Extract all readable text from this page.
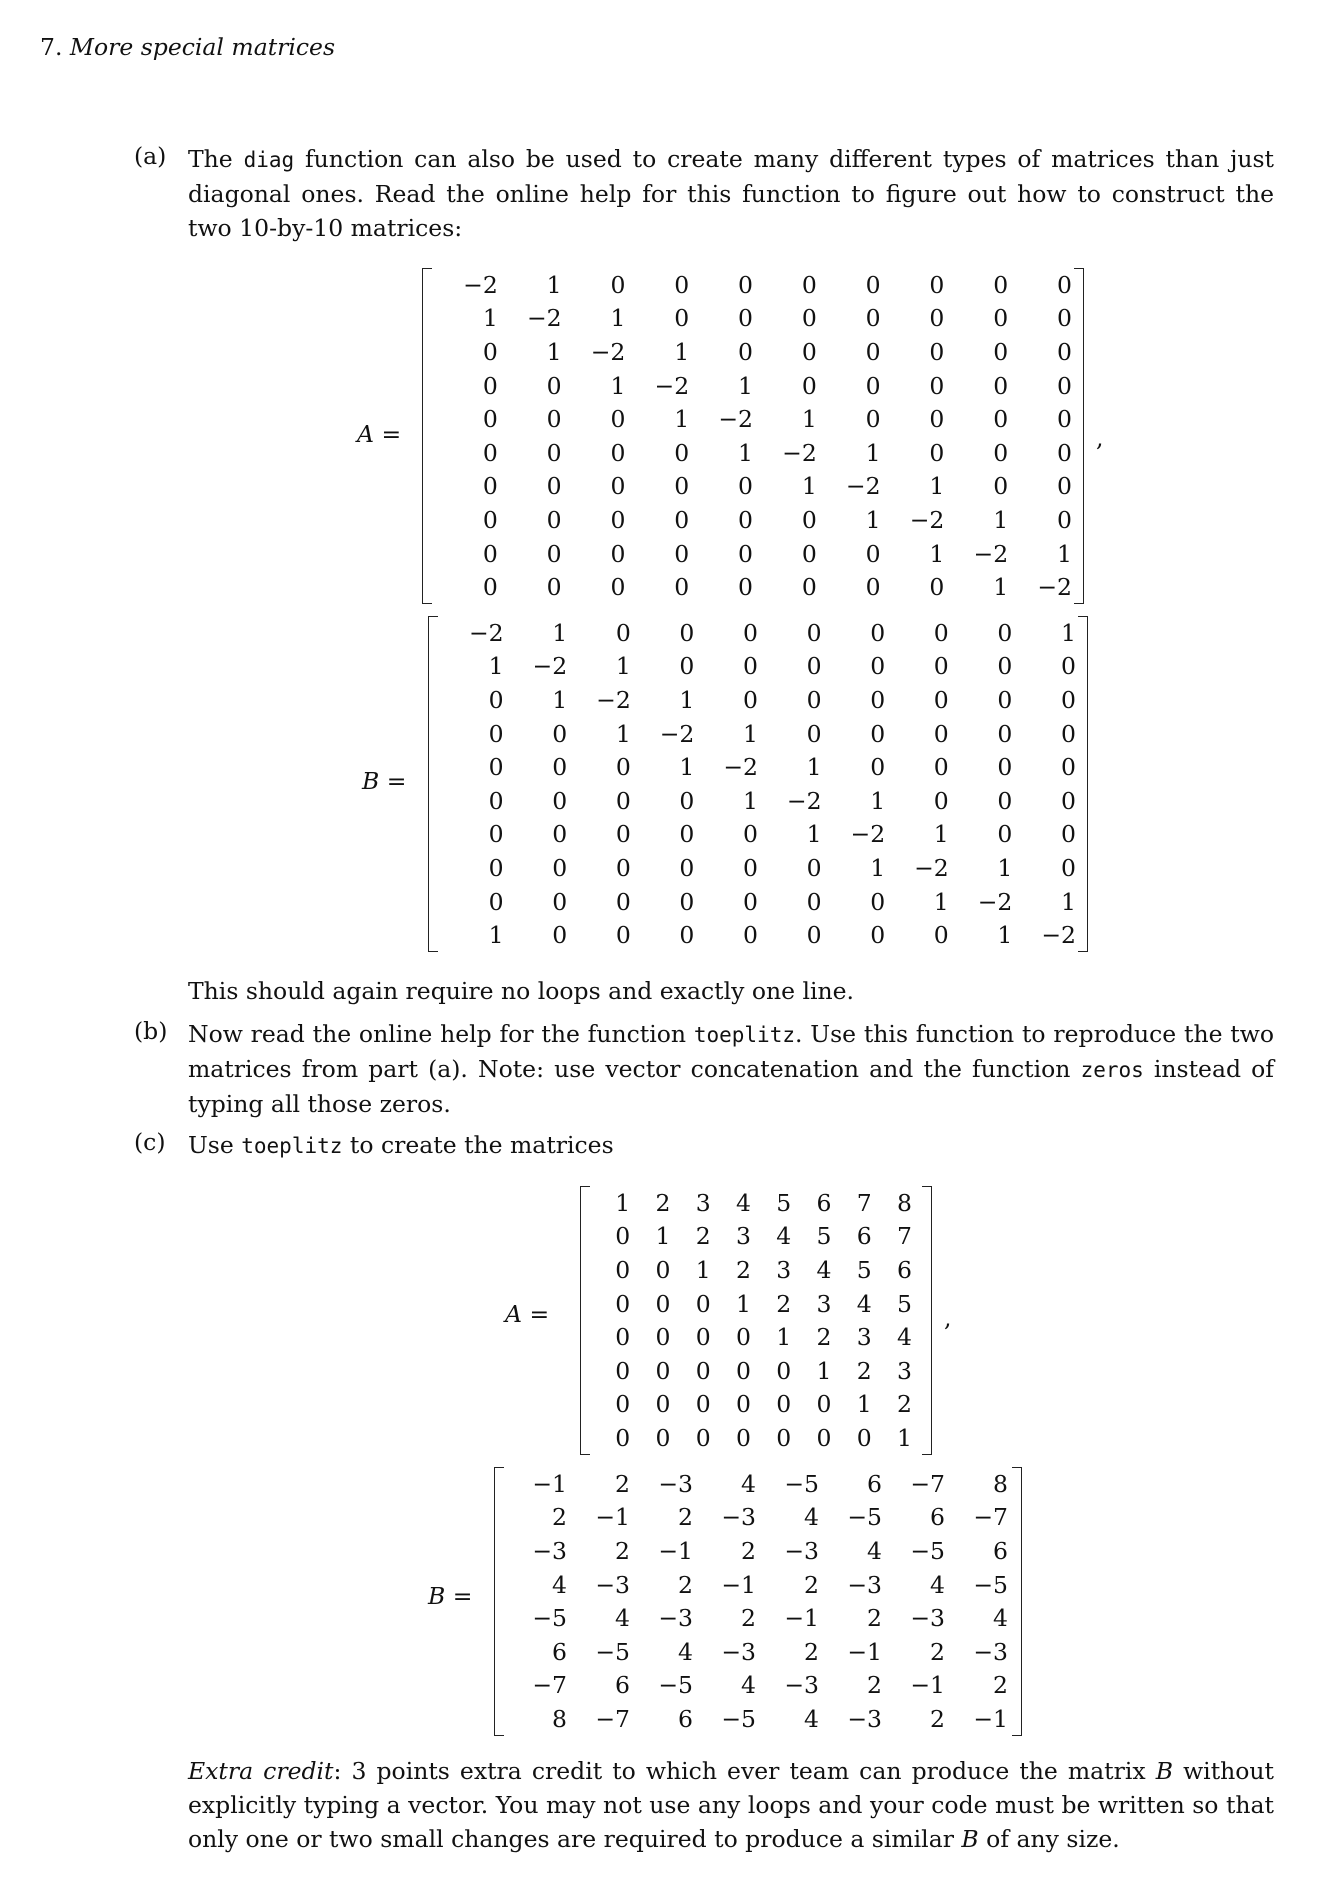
7. More special matrices
(a) The diag function can also be used to create many different types of matrices than just diagonal ones. Read the online help for this function to figure out how to construct the two 10-by-10 matrices:
A =
−2	1	0	0	0	0	0	0	0	0
1	−2	1	0	0	0	0	0	0	0
0	1	−2	1	0	0	0	0	0	0
0	0	1	−2	1	0	0	0	0	0
0	0	0	1	−2	1	0	0	0	0
0	0	0	0	1	−2	1	0	0	0
0	0	0	0	0	1	−2	1	0	0
0	0	0	0	0	0	1	−2	1	0
0	0	0	0	0	0	0	1	−2	1
0	0	0	0	0	0	0	0	1	−2
,
B =
−2	1	0	0	0	0	0	0	0	1
1	−2	1	0	0	0	0	0	0	0
0	1	−2	1	0	0	0	0	0	0
0	0	1	−2	1	0	0	0	0	0
0	0	0	1	−2	1	0	0	0	0
0	0	0	0	1	−2	1	0	0	0
0	0	0	0	0	1	−2	1	0	0
0	0	0	0	0	0	1	−2	1	0
0	0	0	0	0	0	0	1	−2	1
1	0	0	0	0	0	0	0	1	−2
This should again require no loops and exactly one line.
(b) Now read the online help for the function toeplitz. Use this function to reproduce the two matrices from part (a). Note: use vector concatenation and the function zeros instead of typing all those zeros.
(c) Use toeplitz to create the matrices
A =
1	2	3	4	5	6	7	8
0	1	2	3	4	5	6	7
0	0	1	2	3	4	5	6
0	0	0	1	2	3	4	5
0	0	0	0	1	2	3	4
0	0	0	0	0	1	2	3
0	0	0	0	0	0	1	2
0	0	0	0	0	0	0	1
,
B =
−1	2	−3	4	−5	6	−7	8
2	−1	2	−3	4	−5	6	−7
−3	2	−1	2	−3	4	−5	6
4	−3	2	−1	2	−3	4	−5
−5	4	−3	2	−1	2	−3	4
6	−5	4	−3	2	−1	2	−3
−7	6	−5	4	−3	2	−1	2
8	−7	6	−5	4	−3	2	−1
Extra credit: 3 points extra credit to which ever team can produce the matrix B without explicitly typing a vector. You may not use any loops and your code must be written so that only one or two small changes are required to produce a similar B of any size.
